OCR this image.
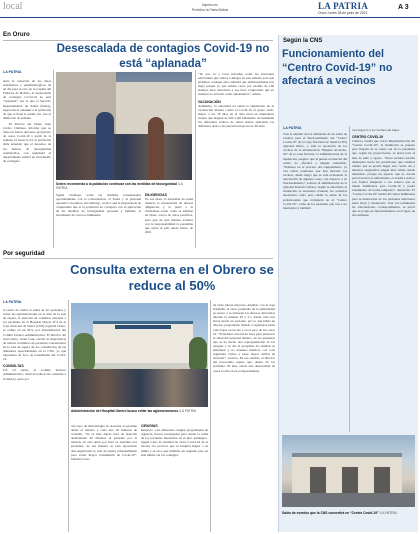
local	Impreso en
Periódico la Patria Bolivia	LA PATRIA
Oruro, lunes 28 de junio de 2021
A 3
En Oruro
Desescalada de contagios Covid-19 no está “aplanada”
LA PATRIA
Ante la variación de los datos estadísticos y epidemiológicos de un día para el otro en la Capital del Folklore de Bolivia, la desescalada de contagios Covid-19 no está “aplanada”, por lo que el Servicio Departamental de Salud (Sedes), espera hacer entender a la población de que te llega la quinta ola, tras el último fin de semana.
El director del Sedes, Juan Carlos Challapa, informó que se tiene un franco descenso progresivo de casos Covid-19 a partir de la semana 21 hasta la 24, la población debe entender que el descenso de los índices de bioseguridad establecidos, con seguridad el departamento sufrirá un incremento de contagios.
Sedes recomienda a la población continuar con las medidas de bioseguridad /LA PATRIA
Según Challapa, todas las medidas consensuadas oportunamente con la Gobernación, el Sedes y el personal operativo en puntos, sin embargo, recalcó que la importancia de comprender que si la población no coadyuva con la aplicación de las medidas de bioseguridad personal y familiar, el incremento de casos es inminente.
DILIGENCIAS
En esa línea, la autoridad en salud anunció la instauración de nuevas diligencias y lo pidió a la ciudadanía evitar como se estiman en Oruro acerca de casos positivos, para que de esta manera avanzar con la responsabilidad la pandemia que sobre el país desde marzo de 2021.
“Ya nos va a tocar informar todas las funciones adicionales que vamos a delegar en esta semana para que podamos contener esta cantidad que lastimosamente nos llega porque ya que subían casos por encima de 100 siempre hace relevancia y nos hace comprender que ya estamos no tan bien como quisiéramos”, señaló.
VACUNACIÓN
Asimismo, la autoridad en salud la ampliación de la vacunación masiva contra el Covid-19 al grupo etario mayor a los 18 años en el área rural en municipios rurales que lleguen de 500 a mil habitantes. Actualmente los diferentes centros de salud vienen aplicando las diferentes dosis a las personas mayores de 30 años.
Según la CNS
Funcionamiento del “Centro Covid-19” no afectará a vecinos
LA PATRIA
Tras el alquiler de los ambientes de un salón de eventos para el funcionamiento del “Centro Covid-19” de la Caja Nacional de Salud (CNS) regional Oruro, y ante la oposición de los vecinos de la urbanización “Huajara Arrascha-mi” de la zona Noreste, la administración de la institución, aseguró que la puesta en marcha del centro no afectará a ningún ciudadano. “Estamos en el proceso del equipamiento, ya van varias reuniones que han buscado los vecinos, desde luego que se está evaluando la adecuación de algunas cosas, con respecto a su funcionamiento”, sostuvo el administrador de la regional Ronald Cábrera. Según la autoridad, la institución se encuentra tratando los acuerdos necesarios, tanto para cuidar la salud de los profesionales que trabajarán en el “Centro Covid-19”, como de los pacientes que van a ser internados y también
con respecto a los vecinos del lugar.
CENTRO COVID-19
Cábrera, resaltó que con la implementación del “Centro Covid-19”, la institución se prepara para llegada de la cuarta ola de la pandemia que, según las proyecciones, se prevé para el mes de julio y agosto. “Estos recintos estarán destinados hacia las previsiones que estamos viendo que se podría llegar esta cuarta ola y nuestros asegurados tengan más camas donde internarse, porque un aspecto que es crucial para nosotros es enfrentando, el acudir a estas y con formar temprano a los centros que se tienen habilitados para Covid-19 y poder tratamiento de forma temprana”, mencionó. El “Centro Covid-19” tendrá 40 camas habilitadas para la internación de los pacientes infectados entre leves y moderados. Una vez terminadas las adecuaciones correspondientes, se prevé que se ponga en funcionamiento en el lapso de dos semanas.
Salón de eventos que la CNS convertirá en “Centro Covid-19” /LA PATRIA
Por seguridad
Consulta externa en el Obrero se reduce al 50%
LA PATRIA
A razón de cuidar la salud de los pacientes y evitar las aglomeraciones en el área de la sala de espera, la atención de consultas externas a los pacientes en el Hospital Obrero Nº4 de la Caja Nacional de Salud (CNS) regional Oruro, se redujo en un 50%, por determinación del Comité Técnico Administrativo. El director del nosocomio, Josué Cano resaltó la importancia de reducir el número de pacientes concentrados en la sala de espera de los consultorios de las diferentes especialidades en la CNS, ya que representa un foco de transmisión del Covid-19.
CONSULTAS
Por tal razón, el Comité Técnico Administrativo, resolvió reducir las consultas a la mitad y optar por
Administración del Hospital Obrero busca evitar las aglomeraciones /LA PATRIA
otro tipo de metodología de atención al paciente desde el médico a cada uno 20 minutos de consulta. “Se ve más dando hora de atención dedicándole 20 minutos al paciente por la tensión, en esto antes por hora se atendían tres pacientes, de esa manera se está reportando descongestionar la sala de espera principalmente para evitar mayor transmisión de Covid-19”, informó Cano.
CIRUGÍAS
Respecto a las diferentes cirugías programadas de urgencia, fueron postergadas para cuidar la salud de los pacientes internados en el piso quirúrgico. Según Cano la cantidad de casos Covid-19 de la tercera ola provocó que el hospital llegue a su límite y se tuvo que habilitar un segundo piso en esta última ola los contagios
de virus fueron mayores. Además, con la cepa brasileña, el curso promedio de la enfermedad es severo y se destacan los decesos detectados durante la semana 20 y 21, donde cada tres horas moría un paciente, por lo que había un desceso programado fijando a registrarse hasta ocho bajas en un día y en el peor de los casos 16. “Estuvimos este hecho hace para preservar la salud del personal médico, de los pacientes que se ha hecho una reprogramación de las cirugías y se dio la programa los análisis se enfermen y no tenemos médicos con toda seguridad vamos a tener mayor deficit de atención”, sostuvo. En ese sentido, el director del nosocomio espera que, dentro de los próximos 20 días, exista una desescalada de casos Covid-19 en el departamento.
